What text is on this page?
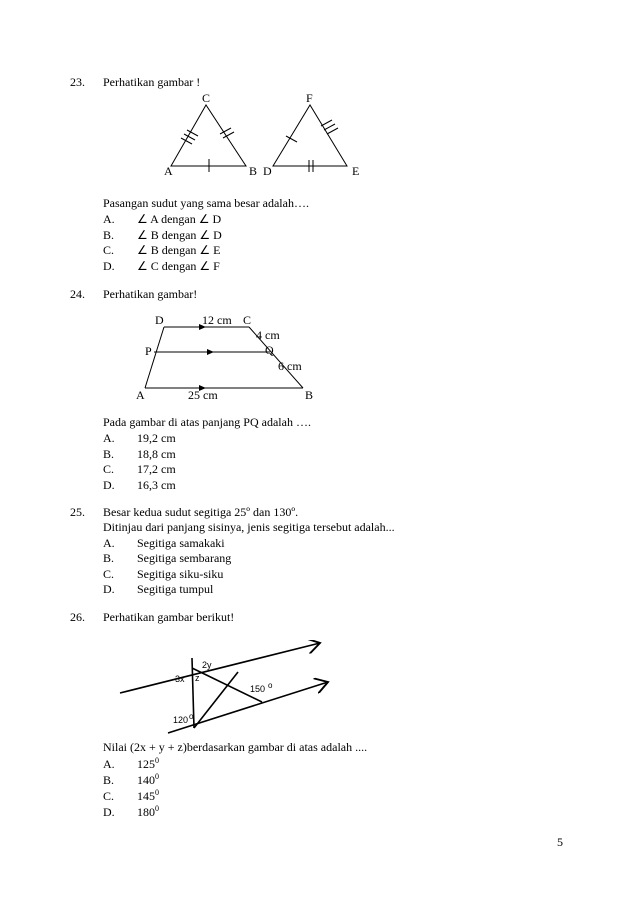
23. Perhatikan gambar !
C
A	B
F
D	E
Pasangan sudut yang sama besar adalah….
A. ∠ A dengan ∠ D
B. ∠ B dengan ∠ D
C. ∠ B dengan ∠ E
D. ∠ C dengan ∠ F
24. Perhatikan gambar!
D	12 cm C
4 cm
P	Q
6 cm
A	25 cm	B
Pada gambar di atas panjang PQ adalah ….
A. 19,2 cm
B. 18,8 cm
C. 17,2 cm
D. 16,3 cm
25. Besar kedua sudut segitiga 25º dan 130º.
Ditinjau dari panjang sisinya, jenis segitiga tersebut adalah...
A. Segitiga samakaki
B. Segitiga sembarang
C. Segitiga siku-siku
D. Segitiga tumpul
26. Perhatikan gambar berikut!
3x z
2y
150 o
120 o
Nilai (2x + y + z)berdasarkan gambar di atas adalah ....
A. $125^0$
B. $140^0$
C. $145^0$
D. $180^0$
5
